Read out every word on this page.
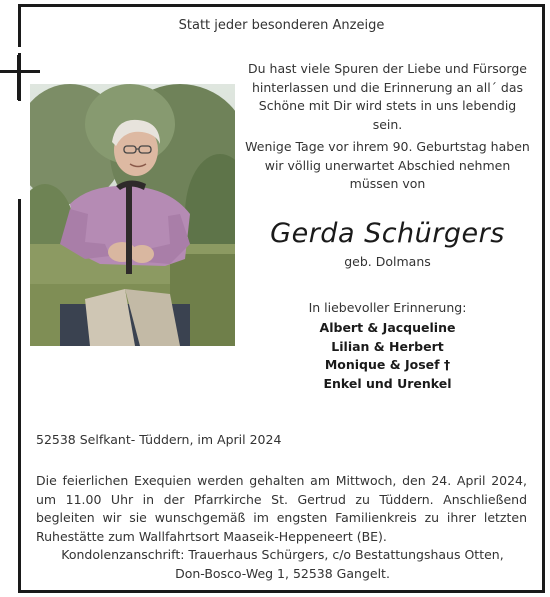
Statt jeder besonderen Anzeige
Du hast viele Spuren der Liebe und Fürsorge
hinterlassen und die Erinnerung an all´ das
Schöne mit Dir wird stets in uns lebendig sein.
Wenige Tage vor ihrem 90. Geburtstag haben
wir völlig unerwartet Abschied nehmen
müssen von
Gerda Schürgers
geb. Dolmans
In liebevoller Erinnerung:
Albert & Jacqueline
Lilian & Herbert
Monique & Josef †
Enkel und Urenkel
52538 Selfkant- Tüddern, im April 2024
Die feierlichen Exequien werden gehalten am Mittwoch, den 24. April 2024, um 11.00 Uhr in der Pfarrkirche St. Gertrud zu Tüddern. Anschließend begleiten wir sie wunschgemäß im engsten Familienkreis zu ihrer letzten Ruhestätte zum Wallfahrtsort Maaseik-Heppeneert (BE).
Kondolenzanschrift: Trauerhaus Schürgers, c/o Bestattungshaus Otten,
Don-Bosco-Weg 1, 52538 Gangelt.
